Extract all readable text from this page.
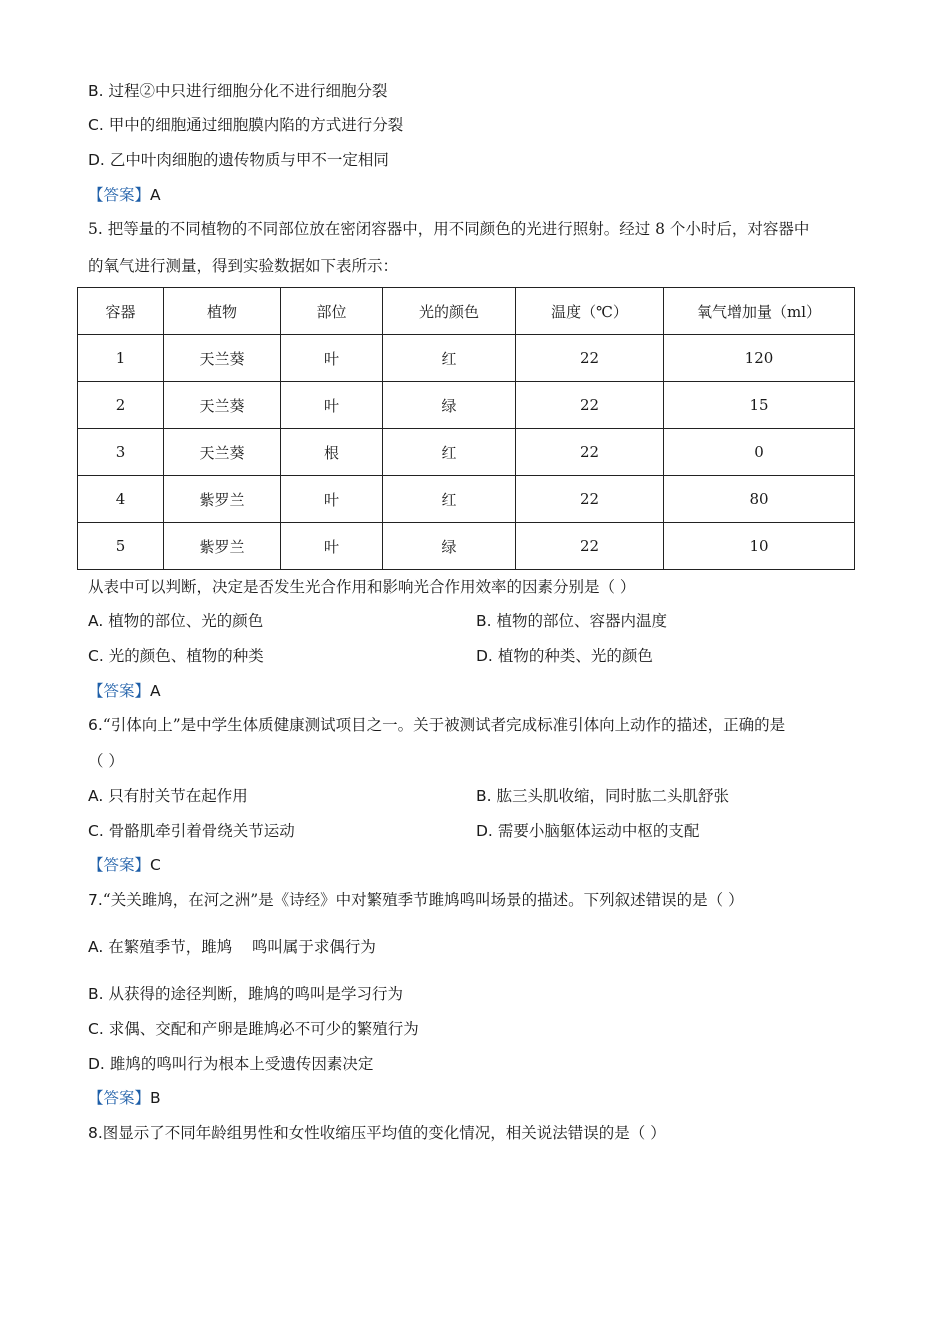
B. 过程②中只进行细胞分化不进行细胞分裂
C. 甲中的细胞通过细胞膜内陷的方式进行分裂
D. 乙中叶肉细胞的遗传物质与甲不一定相同
【答案】A
5. 把等量的不同植物的不同部位放在密闭容器中，用不同颜色的光进行照射。经过 8 个小时后，对容器中
的氧气进行测量，得到实验数据如下表所示：
容器	植物	部位	光的颜色	温度（℃）	氧气增加量（ml）
1	天兰葵	叶	红	22	120
2	天兰葵	叶	绿	22	15
3	天兰葵	根	红	22	0
4	紫罗兰	叶	红	22	80
5	紫罗兰	叶	绿	22	10
从表中可以判断，决定是否发生光合作用和影响光合作用效率的因素分别是（ ）
A. 植物的部位、光的颜色	B. 植物的部位、容器内温度
C. 光的颜色、植物的种类	D. 植物的种类、光的颜色
【答案】A
6.“引体向上”是中学生体质健康测试项目之一。关于被测试者完成标准引体向上动作的描述，正确的是
（ ）
A. 只有肘关节在起作用	B. 肱三头肌收缩，同时肱二头肌舒张
C. 骨骼肌牵引着骨绕关节运动	D. 需要小脑躯体运动中枢的支配
【答案】C
7.“关关雎鸠，在河之洲”是《诗经》中对繁殖季节雎鸠鸣叫场景的描述。下列叙述错误的是（ ）
A. 在繁殖季节，雎鸠    鸣叫属于求偶行为
B. 从获得的途径判断，雎鸠的鸣叫是学习行为
C. 求偶、交配和产卵是雎鸠必不可少的繁殖行为
D. 雎鸠的鸣叫行为根本上受遗传因素决定
【答案】B
8.图显示了不同年龄组男性和女性收缩压平均值的变化情况，相关说法错误的是（ ）
